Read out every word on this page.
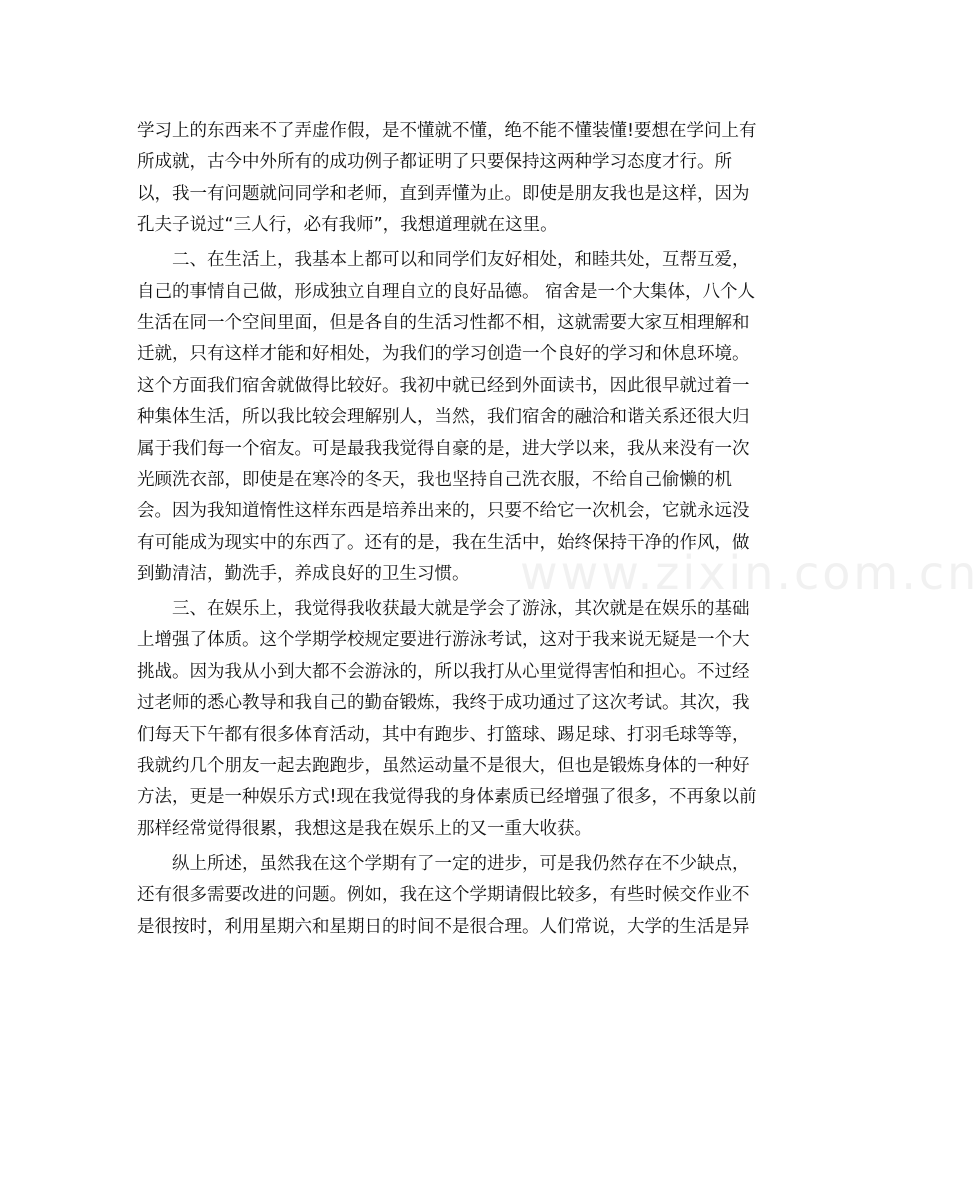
www.zixin.com.cn
学习上的东西来不了弄虚作假，是不懂就不懂，绝不能不懂装懂!要想在学问上有
所成就，古今中外所有的成功例子都证明了只要保持这两种学习态度才行。所
以，我一有问题就问同学和老师，直到弄懂为止。即使是朋友我也是这样，因为
孔夫子说过“三人行，必有我师”，我想道理就在这里。
　　二、在生活上，我基本上都可以和同学们友好相处，和睦共处，互帮互爱，
自己的事情自己做，形成独立自理自立的良好品德。 宿舍是一个大集体，八个人
生活在同一个空间里面，但是各自的生活习性都不相，这就需要大家互相理解和
迁就，只有这样才能和好相处，为我们的学习创造一个良好的学习和休息环境。
这个方面我们宿舍就做得比较好。我初中就已经到外面读书，因此很早就过着一
种集体生活，所以我比较会理解别人，当然，我们宿舍的融洽和谐关系还很大归
属于我们每一个宿友。可是最我我觉得自豪的是，进大学以来，我从来没有一次
光顾洗衣部，即使是在寒冷的冬天，我也坚持自己洗衣服，不给自己偷懒的机
会。因为我知道惰性这样东西是培养出来的，只要不给它一次机会，它就永远没
有可能成为现实中的东西了。还有的是，我在生活中，始终保持干净的作风，做
到勤清洁，勤洗手，养成良好的卫生习惯。
　　三、在娱乐上，我觉得我收获最大就是学会了游泳，其次就是在娱乐的基础
上增强了体质。这个学期学校规定要进行游泳考试，这对于我来说无疑是一个大
挑战。因为我从小到大都不会游泳的，所以我打从心里觉得害怕和担心。不过经
过老师的悉心教导和我自己的勤奋锻炼，我终于成功通过了这次考试。其次，我
们每天下午都有很多体育活动，其中有跑步、打篮球、踢足球、打羽毛球等等，
我就约几个朋友一起去跑跑步，虽然运动量不是很大，但也是锻炼身体的一种好
方法，更是一种娱乐方式!现在我觉得我的身体素质已经增强了很多，不再象以前
那样经常觉得很累，我想这是我在娱乐上的又一重大收获。
　　纵上所述，虽然我在这个学期有了一定的进步，可是我仍然存在不少缺点，
还有很多需要改进的问题。例如，我在这个学期请假比较多，有些时候交作业不
是很按时，利用星期六和星期日的时间不是很合理。人们常说，大学的生活是异
